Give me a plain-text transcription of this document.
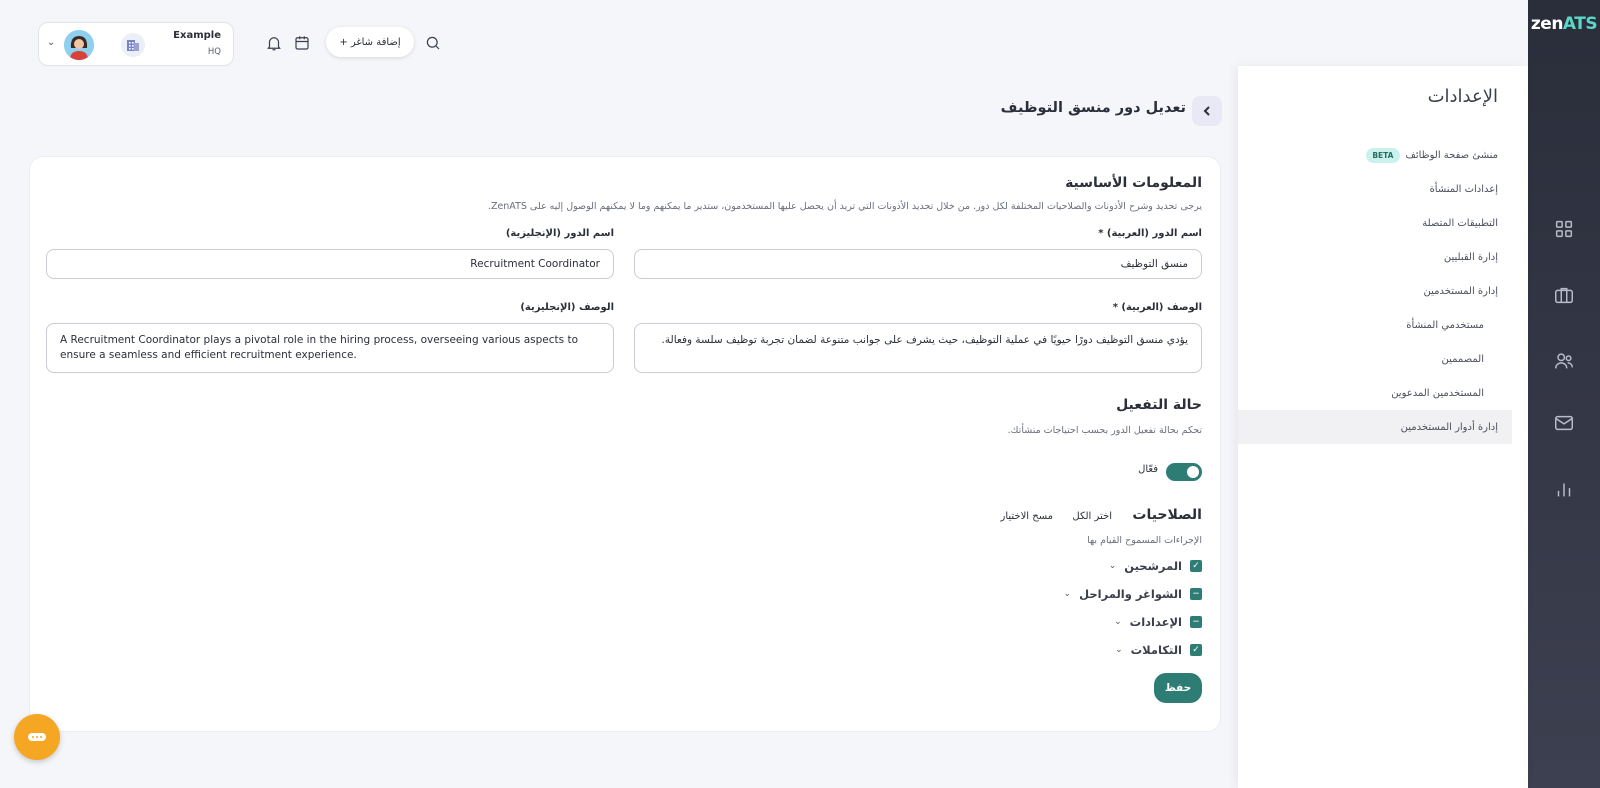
zenATS
الإعدادات
منشئ صفحة الوظائف
BETA
إعدادات المنشأة
التطبيقات المتصلة
إدارة القبليين
إدارة المستخدمين
مستخدمي المنشأة
المصممين
المستخدمين المدعوين
إدارة أدوار المستخدمين
⌄
Example
HQ
+ إضافة شاغر
تعديل دور منسق التوظيف
المعلومات الأساسية
يرجى تحديد وشرح الأذونات والصلاحيات المختلفة لكل دور. من خلال تحديد الأذونات التي تريد أن يحصل عليها المستخدمون، ستدير ما يمكنهم وما لا يمكنهم الوصول إليه على ZenATS.
اسم الدور (العربية) *
منسق التوظيف
اسم الدور (الإنجليزية)
Recruitment Coordinator
الوصف (العربية) *
يؤدي منسق التوظيف دورًا حيويًا في عملية التوظيف، حيث يشرف على جوانب متنوعة لضمان تجربة توظيف سلسة وفعالة.
الوصف (الإنجليزية)
A Recruitment Coordinator plays a pivotal role in the hiring process, overseeing various aspects to ensure a seamless and efficient recruitment experience.
حالة التفعيل
تحكم بحالة تفعيل الدور بحسب احتياجات منشأتك.
فعّال
الصلاحيات
اختر الكل
مسح الاختيار
الإجراءات المسموح القيام بها
✓
المرشحين
⌄
−
الشواغر والمراحل
⌄
−
الإعدادات
⌄
✓
التكاملات
⌄
حفظ
